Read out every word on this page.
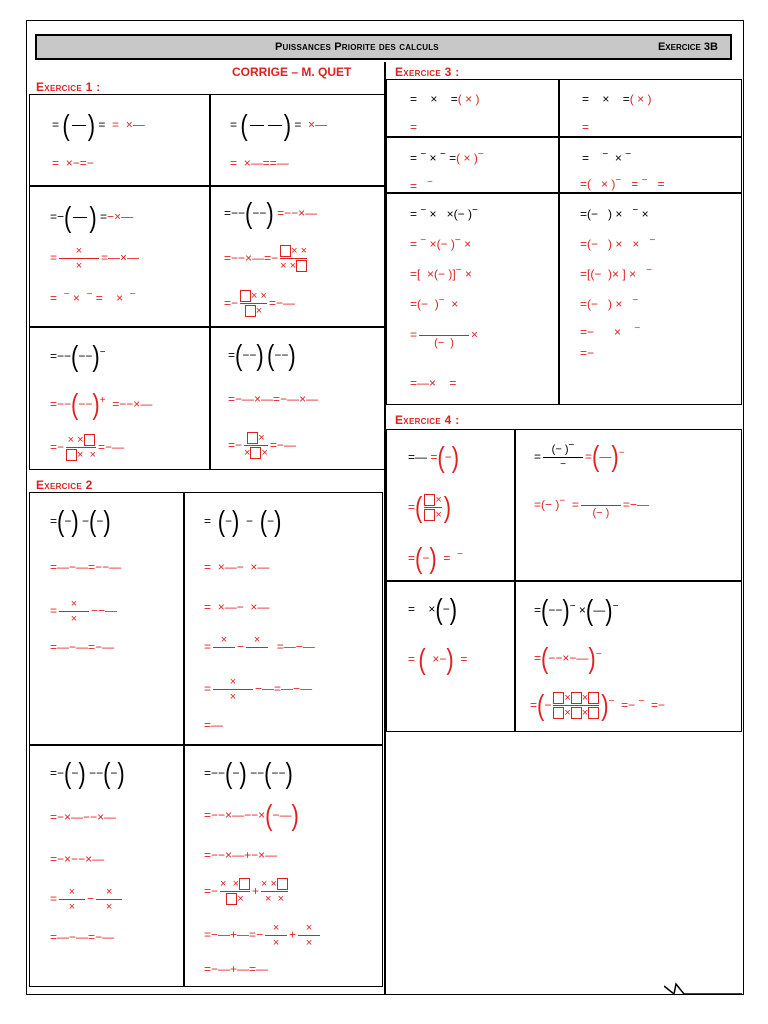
Puissances Priorite des calculs	Exercice 3B
CORRIGE – M. QUET
Exercice 1 :
Exercice 2
Exercice 3 :
Exercice 4 :
= (

) = = ×—
= ×−=−
= (

) = ×—
= ×—==—
=−(

) =−×—
= $\frac{\times}{\times}$ =—×—
= − × − = × −
=−−(−−) =−−×—
=−−×—=− $\frac{\times \times}{\times \times}$
=− $\frac{\times \times}{\times}$ =−—
=−−(−−)−
=−−(−−)+ =−−×—
=− $\frac{\times \times}{\times \times}$ =−—
=(−−) (−−)
=−—×—=−—×—
=− $\frac{\times}{\times \times}$ =−—
=(−) −(−)
=—−—=−−—
= $\frac{\times}{\times}$ −−—
=—−—=−—
= (−) − (−)
= ×—− ×—
= ×—− ×—
= ×
− ×
	=—−—
= $\frac{\times}{\times}$ −—=—−—
=—
=−(−) −−(−)
=−×—−−×—
=−×−−×—
= $\frac{\times}{\times} - \frac{\times}{\times}$
=—−—=−—
=−−(−) −−(−−)
=−−×—−−×(−—)
=−−×—+−×—
=− $\frac{\times \times}{\times} + \frac{\times \times}{\times \times}$
=−—+—=− $\frac{\times}{\times} + \frac{\times}{\times}$
=−—+—=—
= × =( × )
=
= × =( × )
=
= − × − =( × )−
= −
= − × −
=( × )− = − =
= − × ×(− )−
= − ×(− )− ×
=[ ×(− )]− ×
=(− )− ×
=

(− )
×
=—× =
=(− ) × − ×
=(− ) × × −
=[(− )× ] × −
=(− ) × −
=− × −
=−
=— =(−)
=( $\frac{\times}{\times}$ )
=(−) = −
= $\frac{(- )-}{-}$ =(—)−
=(− )− =

(− )
=−—
= ×(−)
= ( ×−) =
=(−−)− ×(—)−
=(−−×−—)−
=(− $\frac{\times \times}{\times \times} )^- =- ^-$ =−
